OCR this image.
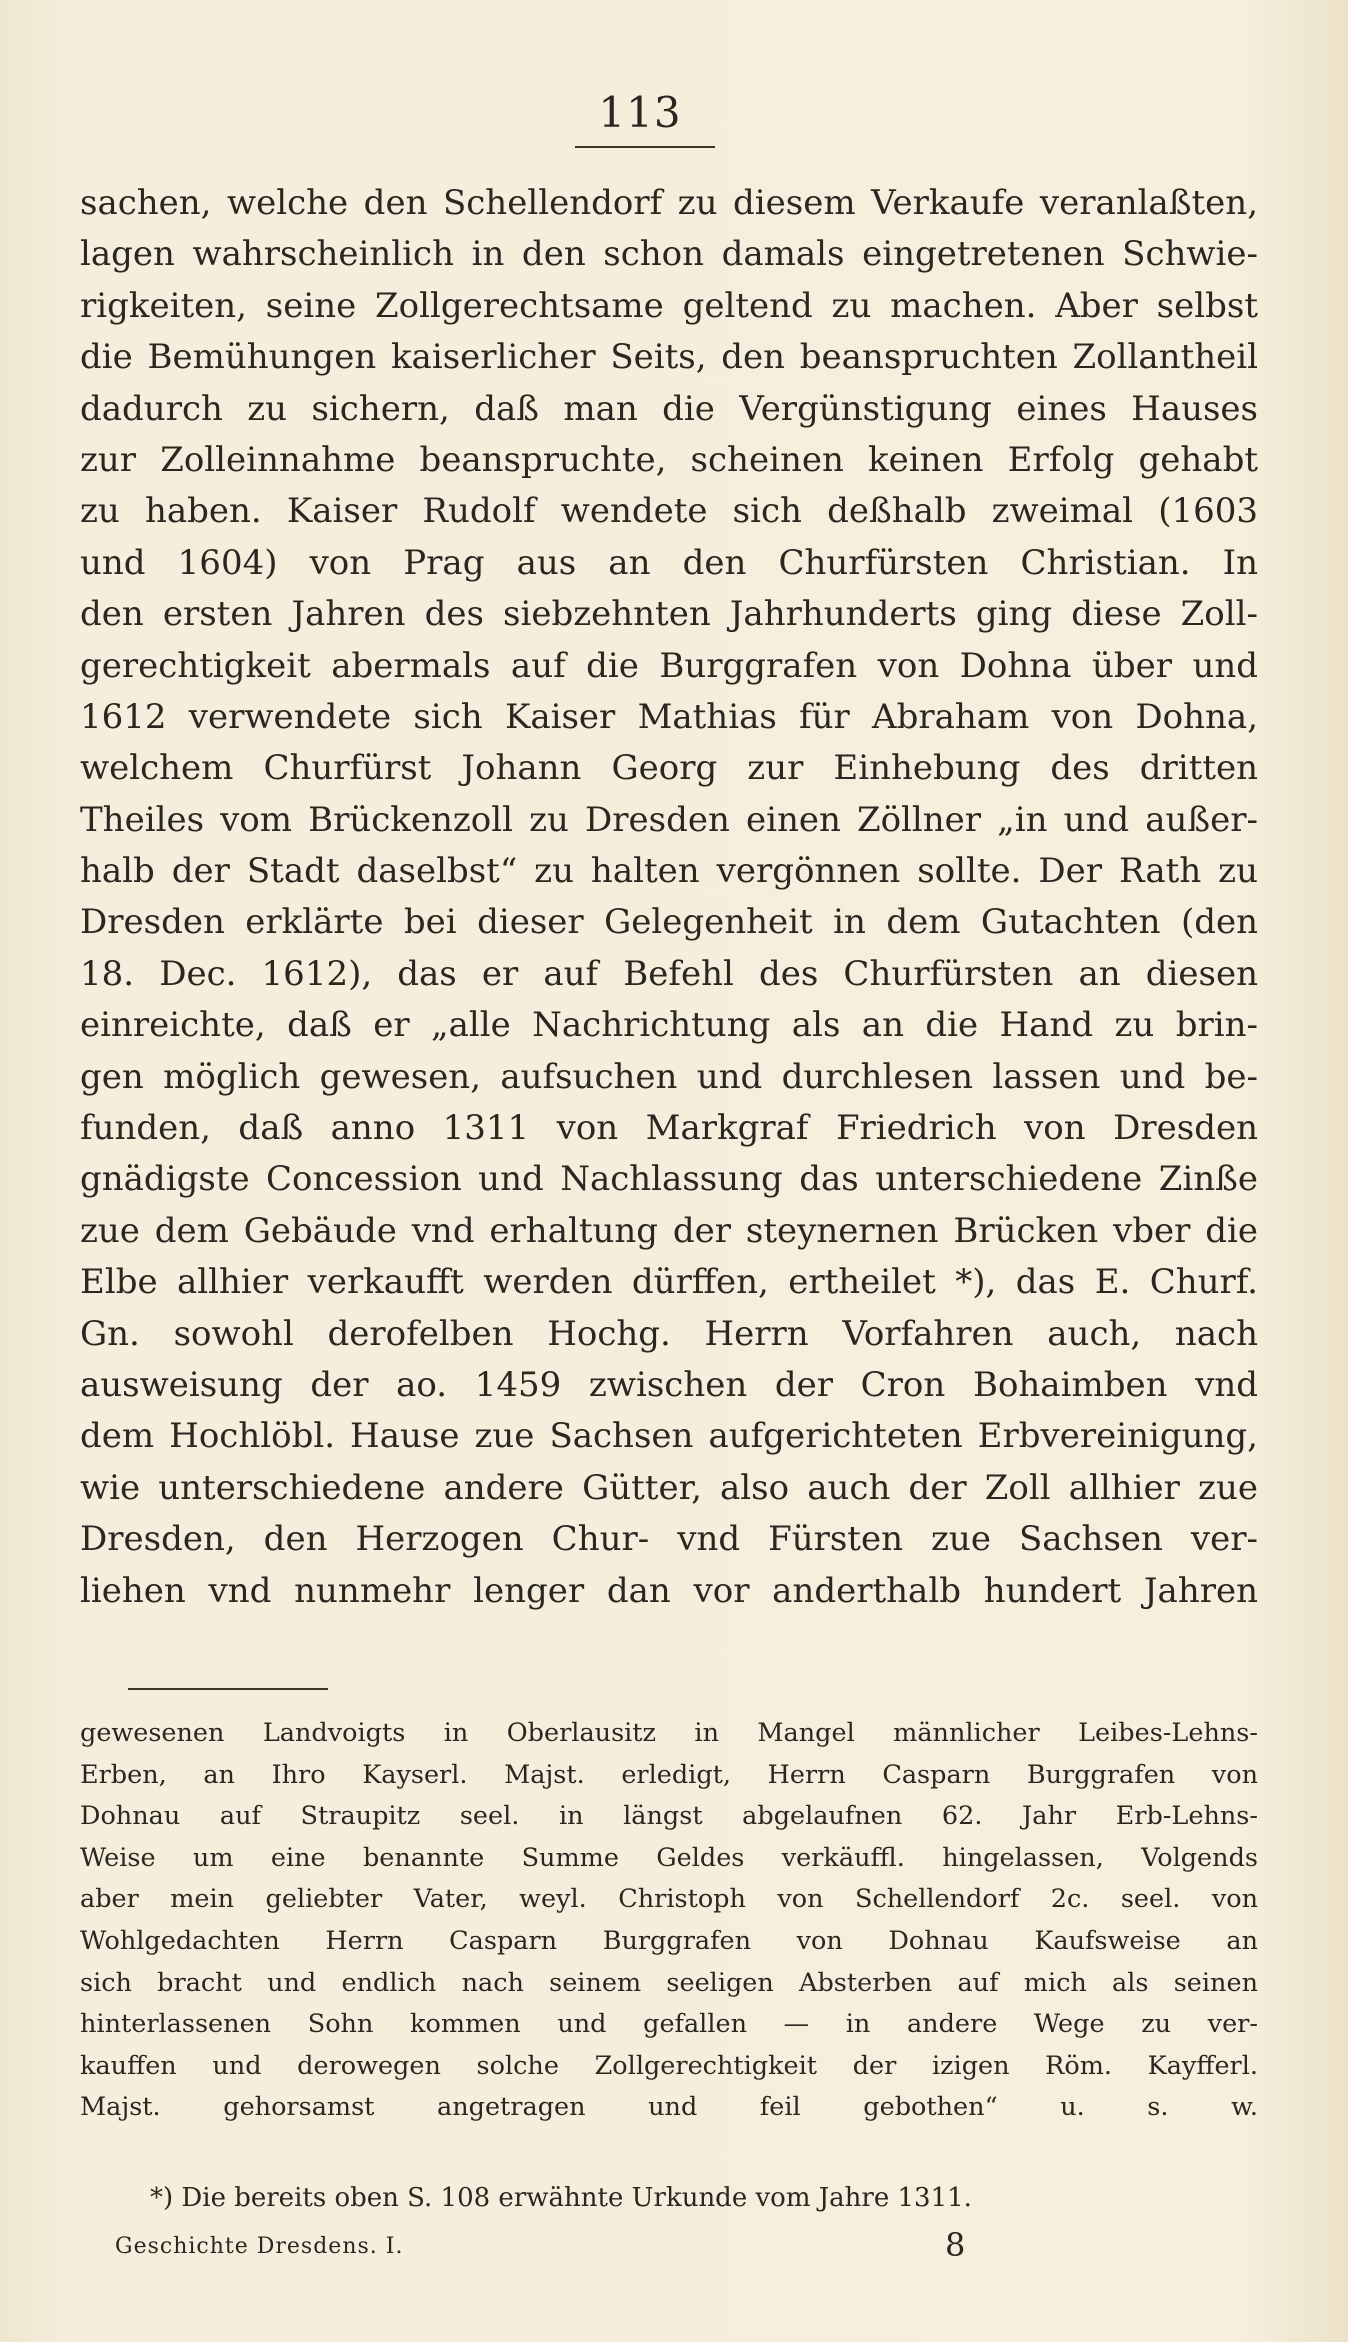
113
sachen, welche den Schellendorf zu diesem Verkaufe veranlaßten,
lagen wahrscheinlich in den schon damals eingetretenen Schwie-
rigkeiten, seine Zollgerechtsame geltend zu machen. Aber selbst
die Bemühungen kaiserlicher Seits, den beanspruchten Zollantheil
dadurch zu sichern, daß man die Vergünstigung eines Hauses
zur Zolleinnahme beanspruchte, scheinen keinen Erfolg gehabt
zu haben. Kaiser Rudolf wendete sich deßhalb zweimal (1603
und 1604) von Prag aus an den Churfürsten Christian. In
den ersten Jahren des siebzehnten Jahrhunderts ging diese Zoll-
gerechtigkeit abermals auf die Burggrafen von Dohna über und
1612 verwendete sich Kaiser Mathias für Abraham von Dohna,
welchem Churfürst Johann Georg zur Einhebung des dritten
Theiles vom Brückenzoll zu Dresden einen Zöllner „in und außer-
halb der Stadt daselbst“ zu halten vergönnen sollte. Der Rath zu
Dresden erklärte bei dieser Gelegenheit in dem Gutachten (den
18. Dec. 1612), das er auf Befehl des Churfürsten an diesen
einreichte, daß er „alle Nachrichtung als an die Hand zu brin-
gen möglich gewesen, aufsuchen und durchlesen lassen und be-
funden, daß anno 1311 von Markgraf Friedrich von Dresden
gnädigste Concession und Nachlassung das unterschiedene Zinße
zue dem Gebäude vnd erhaltung der steynernen Brücken vber die
Elbe allhier verkaufft werden dürffen, ertheilet *), das E. Churf.
Gn. sowohl derofelben Hochg. Herrn Vorfahren auch, nach
ausweisung der ao. 1459 zwischen der Cron Bohaimben vnd
dem Hochlöbl. Hause zue Sachsen aufgerichteten Erbvereinigung,
wie unterschiedene andere Gütter, also auch der Zoll allhier zue
Dresden, den Herzogen Chur- vnd Fürsten zue Sachsen ver-
liehen vnd nunmehr lenger dan vor anderthalb hundert Jahren
gewesenen Landvoigts in Oberlausitz in Mangel männlicher Leibes-Lehns-
Erben, an Ihro Kayserl. Majst. erledigt, Herrn Casparn Burggrafen von
Dohnau auf Straupitz seel. in längst abgelaufnen 62. Jahr Erb-Lehns-
Weise um eine benannte Summe Geldes verkäuffl. hingelassen, Volgends
aber mein geliebter Vater, weyl. Christoph von Schellendorf 2c. seel. von
Wohlgedachten Herrn Casparn Burggrafen von Dohnau Kaufsweise an
sich bracht und endlich nach seinem seeligen Absterben auf mich als seinen
hinterlassenen Sohn kommen und gefallen — in andere Wege zu ver-
kauffen und derowegen solche Zollgerechtigkeit der izigen Röm. Kayfferl.
Majst. gehorsamst angetragen und feil gebothen“ u. s. w.
*) Die bereits oben S. 108 erwähnte Urkunde vom Jahre 1311.
Geschichte Dresdens. I.	8
